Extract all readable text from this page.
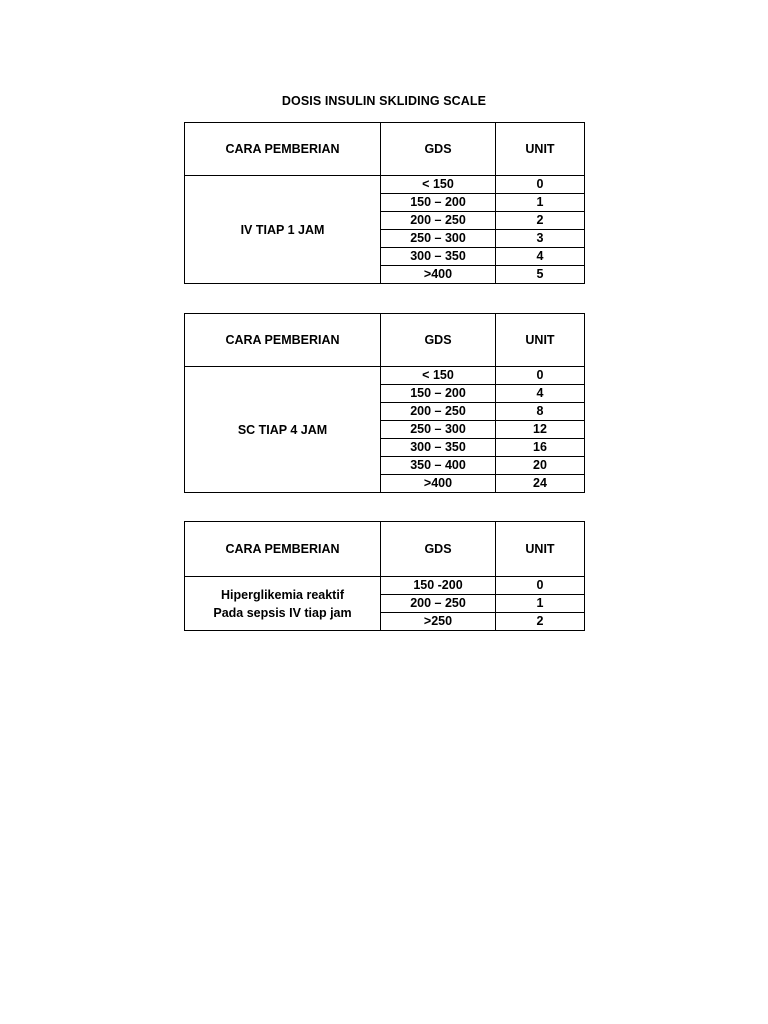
DOSIS INSULIN SKLIDING SCALE
CARA PEMBERIAN	GDS	UNIT

IV TIAP 1 JAM	< 150	0
	150 – 200	1
	200 – 250	2
	250 – 300	3
	300 – 350	4
	>400	5
CARA PEMBERIAN	GDS	UNIT

SC TIAP 4 JAM	< 150	0
	150 – 200	4
	200 – 250	8
	250 – 300	12
	300 – 350	16
	350 – 400	20
	>400	24
CARA PEMBERIAN	GDS	UNIT

Hiperglikemia reaktif
Pada sepsis IV tiap jam	150 -200	0
	200 – 250	1
	>250	2
